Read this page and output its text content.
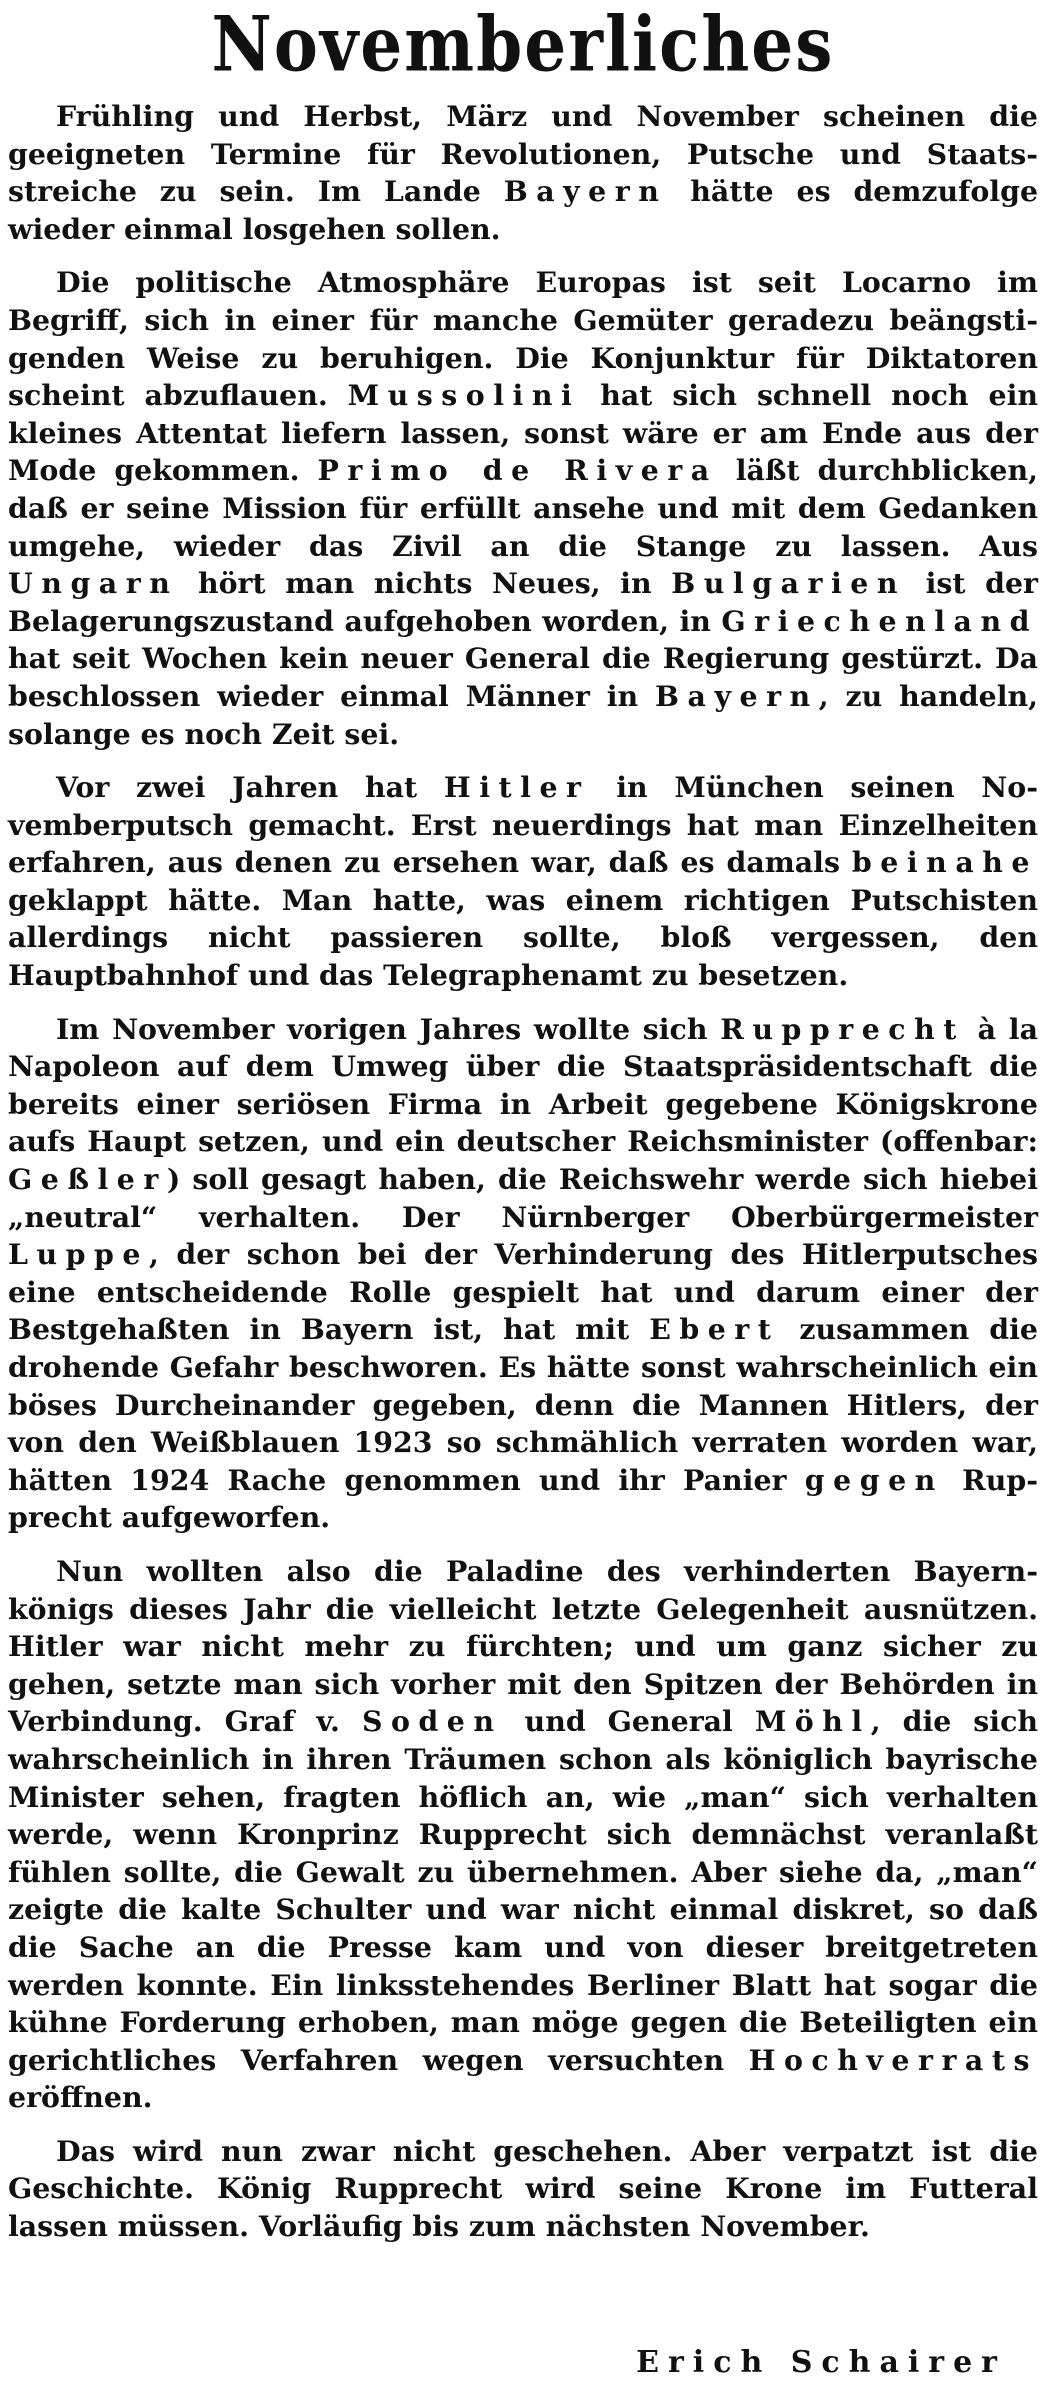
Novemberliches

Frühling und Herbst, März und November scheinen die geeigneten Termine für Revolutionen, Putsche und Staatsstreiche zu sein. Im Lande Bayern hätte es demzufolge wieder einmal losgehen sollen.

Die politische Atmosphäre Europas ist seit Locarno im Begriff, sich in einer für manche Gemüter geradezu beängstigenden Weise zu beruhigen. Die Konjunktur für Diktatoren scheint abzuflauen. Mussolini hat sich schnell noch ein kleines Attentat liefern lassen, sonst wäre er am Ende aus der Mode gekommen. Primo de Rivera läßt durchblicken, daß er seine Mission für erfüllt ansehe und mit dem Gedanken umgehe, wieder das Zivil an die Stange zu lassen. Aus Ungarn hört man nichts Neues, in Bulgarien ist der Belagerungszustand aufgehoben worden, in Griechenland hat seit Wochen kein neuer General die Regierung gestürzt. Da beschlossen wieder einmal Männer in Bayern, zu handeln, solange es noch Zeit sei.

Vor zwei Jahren hat Hitler in München seinen Novemberputsch gemacht. Erst neuerdings hat man Einzelheiten erfahren, aus denen zu ersehen war, daß es damals beinahe geklappt hätte. Man hatte, was einem richtigen Putschisten allerdings nicht passieren sollte, bloß vergessen, den Hauptbahnhof und das Telegraphenamt zu besetzen.

Im November vorigen Jahres wollte sich Rupprecht à la Napoleon auf dem Umweg über die Staatspräsidentschaft die bereits einer seriösen Firma in Arbeit gegebene Königskrone aufs Haupt setzen, und ein deutscher Reichsminister (offenbar: Geßler) soll gesagt haben, die Reichswehr werde sich hiebei „neutral“ verhalten. Der Nürnberger Oberbürgermeister Luppe, der schon bei der Verhinderung des Hitlerputsches eine entscheidende Rolle gespielt hat und darum einer der Bestgehaßten in Bayern ist, hat mit Ebert zusammen die drohende Gefahr beschworen. Es hätte sonst wahrscheinlich ein böses Durcheinander gegeben, denn die Mannen Hitlers, der von den Weißblauen 1923 so schmählich verraten worden war, hätten 1924 Rache genommen und ihr Panier gegen Rupprecht aufgeworfen.

Nun wollten also die Paladine des verhinderten Bayernkönigs dieses Jahr die vielleicht letzte Gelegenheit ausnützen. Hitler war nicht mehr zu fürchten; und um ganz sicher zu gehen, setzte man sich vorher mit den Spitzen der Behörden in Verbindung. Graf v. Soden und General Möhl, die sich wahrscheinlich in ihren Träumen schon als königlich bayrische Minister sehen, fragten höflich an, wie „man“ sich verhalten werde, wenn Kronprinz Rupprecht sich demnächst veranlaßt fühlen sollte, die Gewalt zu übernehmen. Aber siehe da, „man“ zeigte die kalte Schulter und war nicht einmal diskret, so daß die Sache an die Presse kam und von dieser breitgetreten werden konnte. Ein linksstehendes Berliner Blatt hat sogar die kühne Forderung erhoben, man möge gegen die Beteiligten ein gerichtliches Verfahren wegen versuchten Hochverrats eröffnen.

Das wird nun zwar nicht geschehen. Aber verpatzt ist die Geschichte. König Rupprecht wird seine Krone im Futteral lassen müssen. Vorläufig bis zum nächsten November.

Erich Schairer
